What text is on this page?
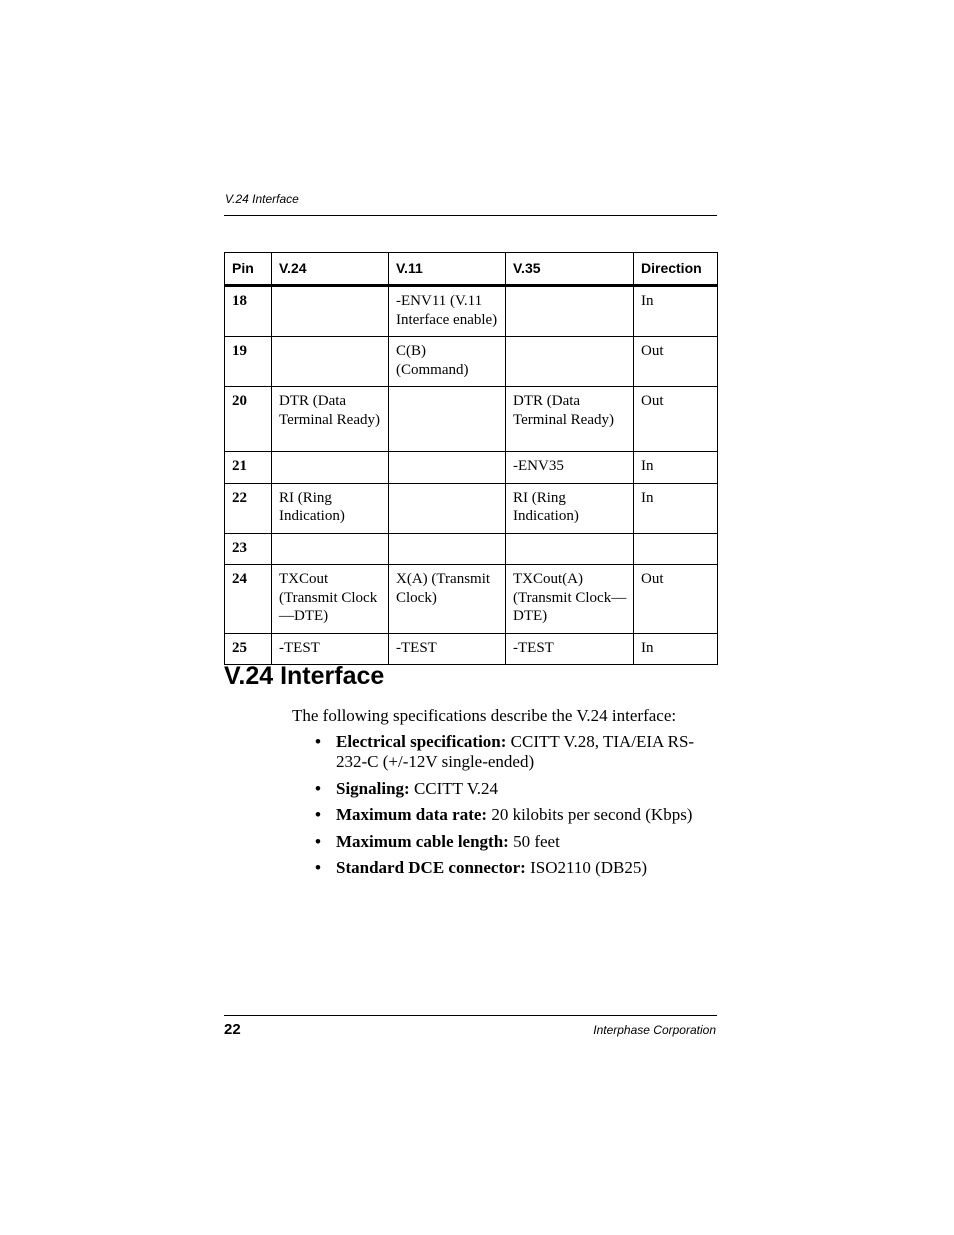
V.24 Interface
Pin	V.24	V.11	V.35	Direction
18		-ENV11 (V.11 Interface enable)		In
19		C(B) (Command)		Out
20	DTR (Data Terminal Ready)		DTR (Data Terminal Ready)	Out
21			-ENV35	In
22	RI (Ring Indication)		RI (Ring Indication)	In
23				
24	TXCout (Transmit Clock—DTE)	X(A) (Transmit Clock)	TXCout(A) (Transmit Clock—DTE)	Out
25	-TEST	-TEST	-TEST	In
V.24 Interface

The following specifications describe the V.24 interface:

• Electrical specification: CCITT V.28, TIA/EIA RS-232-C (+/-12V single-ended)
• Signaling: CCITT V.24
• Maximum data rate: 20 kilobits per second (Kbps)
• Maximum cable length: 50 feet
• Standard DCE connector: ISO2110 (DB25)
22	Interphase Corporation
